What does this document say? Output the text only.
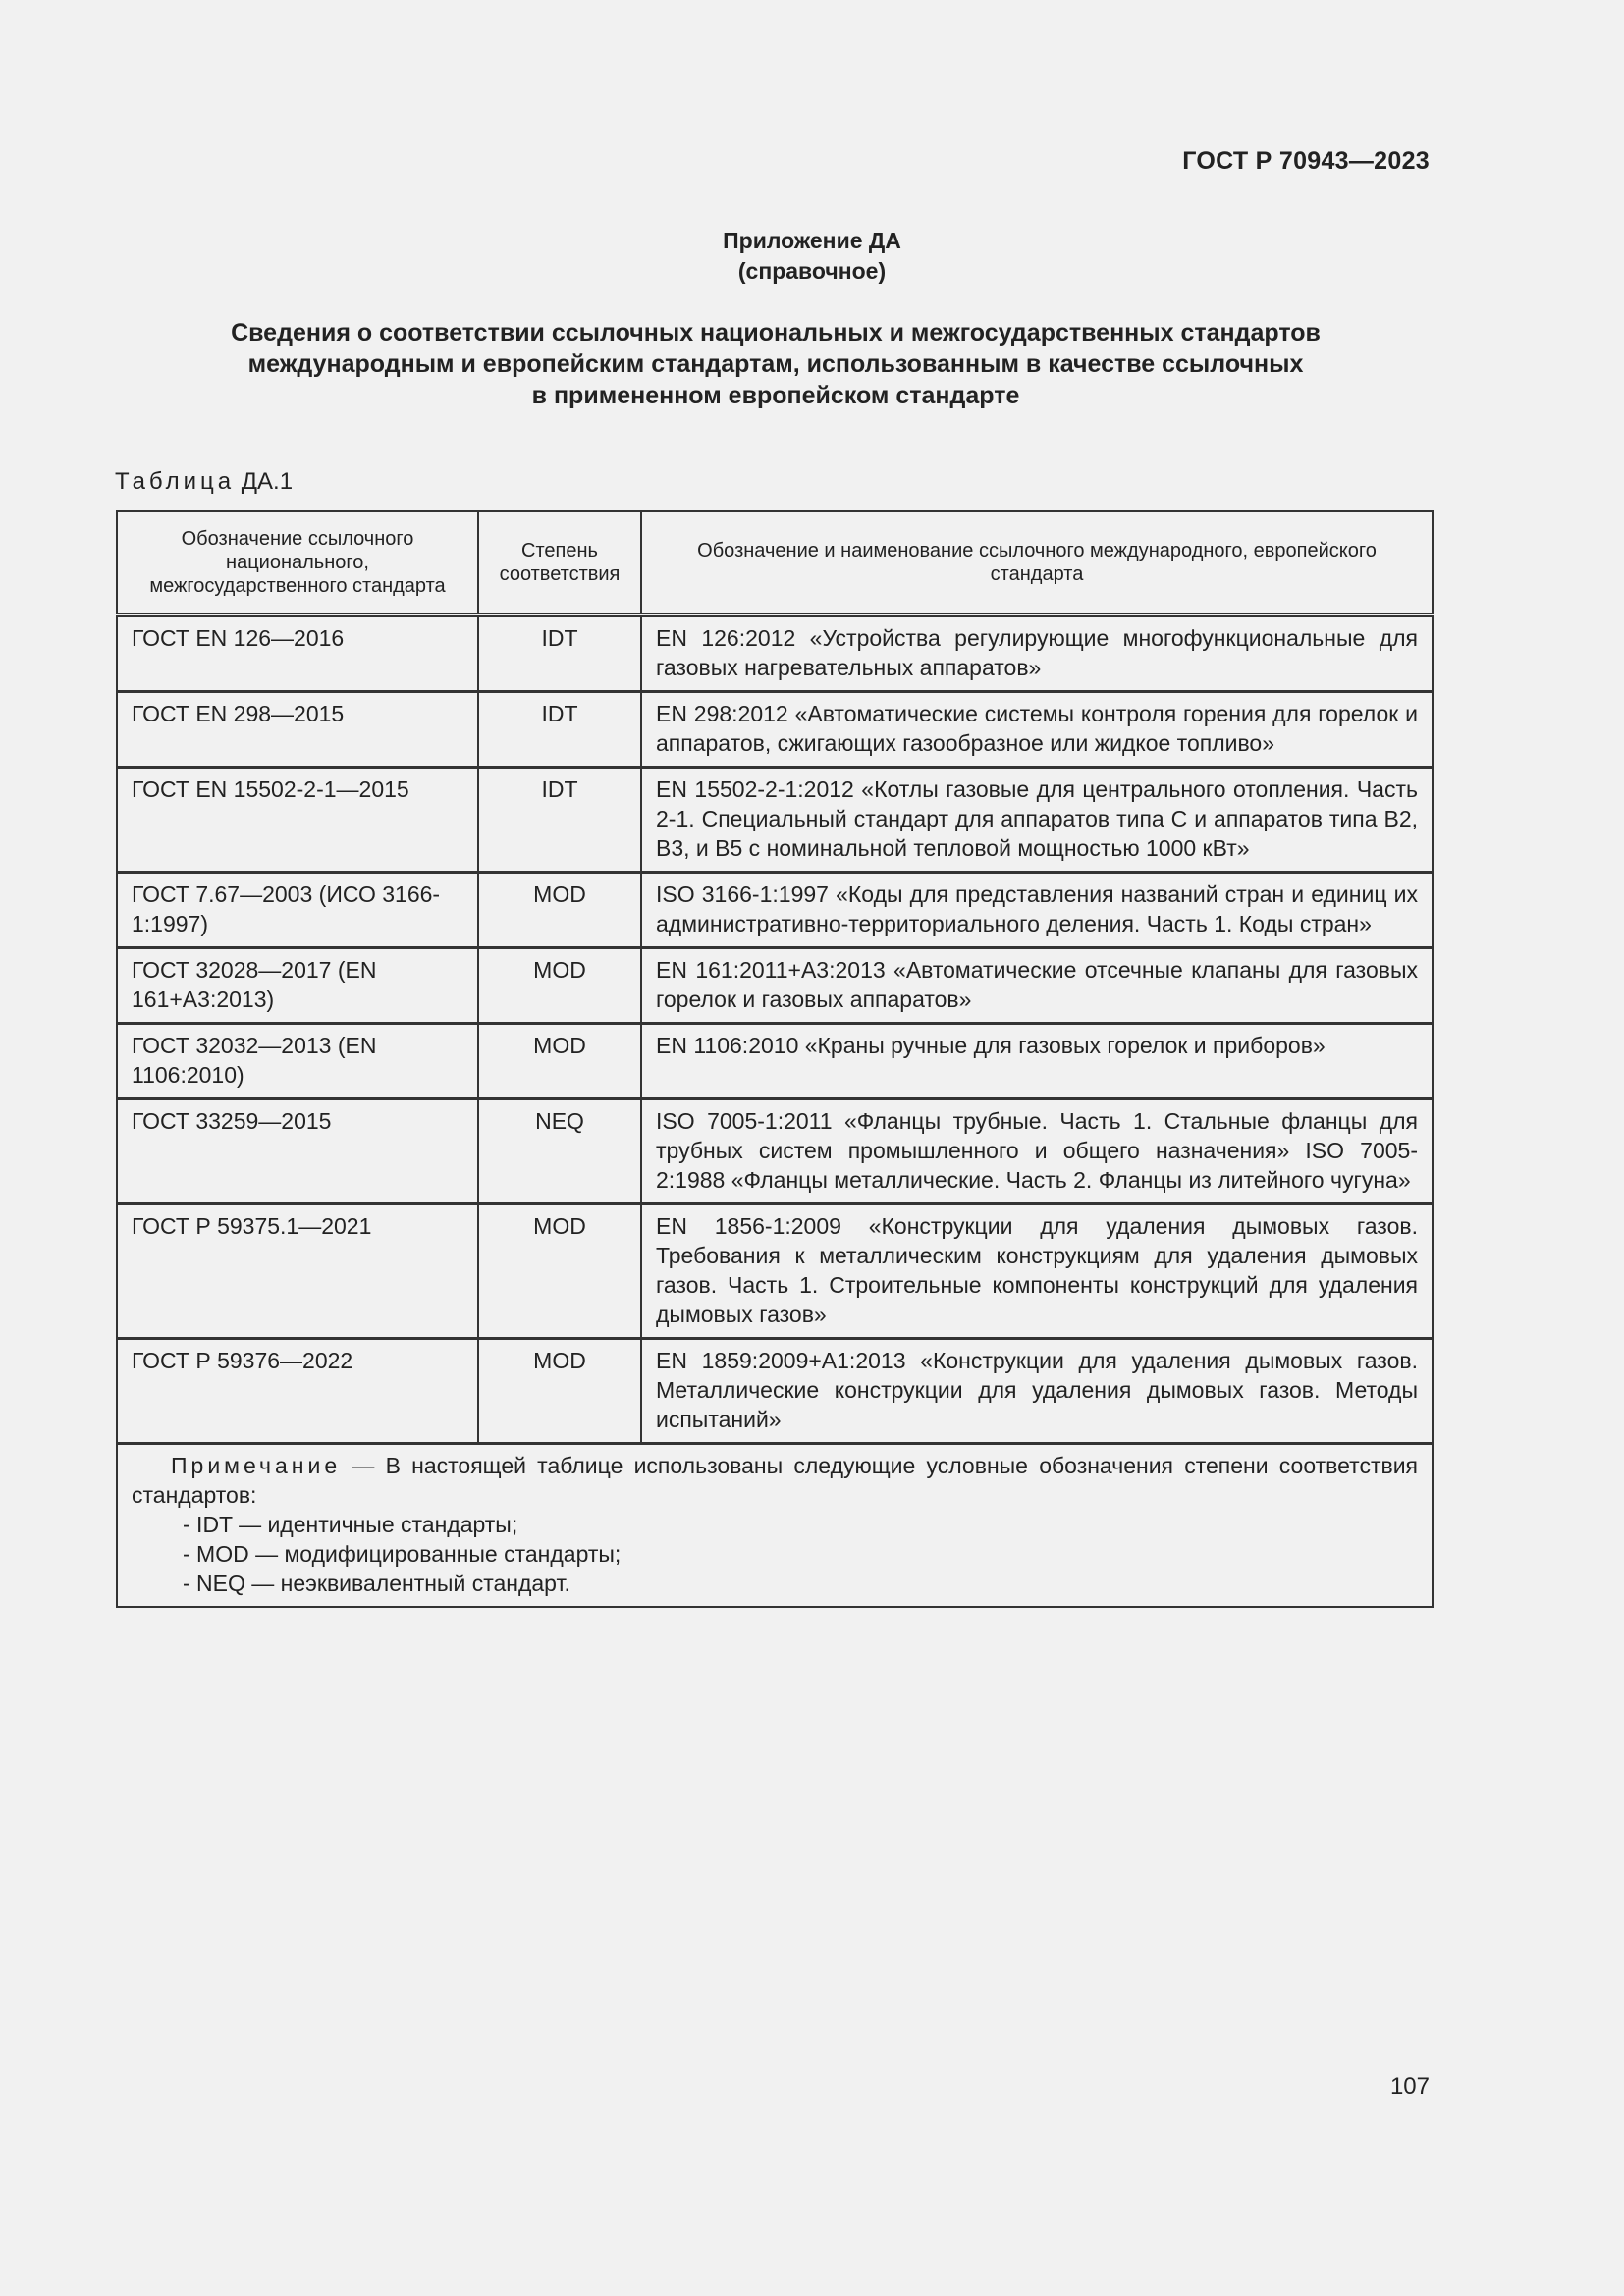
ГОСТ Р 70943—2023
Приложение ДА
(справочное)
Сведения о соответствии ссылочных национальных и межгосударственных стандартов
международным и европейским стандартам, использованным в качестве ссылочных
в примененном европейском стандарте
Таблица ДА.1
Обозначение ссылочного национального, межгосударственного стандарта	Степень соответствия	Обозначение и наименование ссылочного международного, европейского стандарта
ГОСТ EN 126—2016	IDT	EN 126:2012 «Устройства регулирующие многофункциональные для газовых нагревательных аппаратов»
ГОСТ EN 298—2015	IDT	EN 298:2012 «Автоматические системы контроля горения для горелок и аппаратов, сжигающих газообразное или жидкое топливо»
ГОСТ EN 15502-2-1—2015	IDT	EN 15502-2-1:2012 «Котлы газовые для центрального отопления. Часть 2-1. Специальный стандарт для аппаратов типа С и аппаратов типа В2, В3, и В5 с номинальной тепловой мощностью 1000 кВт»
ГОСТ 7.67—2003 (ИСО 3166-1:1997)	MOD	ISO 3166-1:1997 «Коды для представления названий стран и единиц их административно-территориального деления. Часть 1. Коды стран»
ГОСТ 32028—2017 (EN 161+A3:2013)	MOD	EN 161:2011+A3:2013 «Автоматические отсечные клапаны для газовых горелок и газовых аппаратов»
ГОСТ 32032—2013 (EN 1106:2010)	MOD	EN 1106:2010 «Краны ручные для газовых горелок и приборов»
ГОСТ 33259—2015	NEQ	ISO 7005-1:2011 «Фланцы трубные. Часть 1. Стальные фланцы для трубных систем промышленного и общего назначения» ISO 7005-2:1988 «Фланцы металлические. Часть 2. Фланцы из литейного чугуна»
ГОСТ Р 59375.1—2021	MOD	EN 1856-1:2009 «Конструкции для удаления дымовых газов. Требования к металлическим конструкциям для удаления дымовых газов. Часть 1. Строительные компоненты конструкций для удаления дымовых газов»
ГОСТ Р 59376—2022	MOD	EN 1859:2009+A1:2013 «Конструкции для удаления дымовых газов. Металлические конструкции для удаления дымовых газов. Методы испытаний»

Примечание — В настоящей таблице использованы следующие условные обозначения степени соответствия стандартов:
- IDT — идентичные стандарты;
- MOD — модифицированные стандарты;
- NEQ — неэквивалентный стандарт.		
107
